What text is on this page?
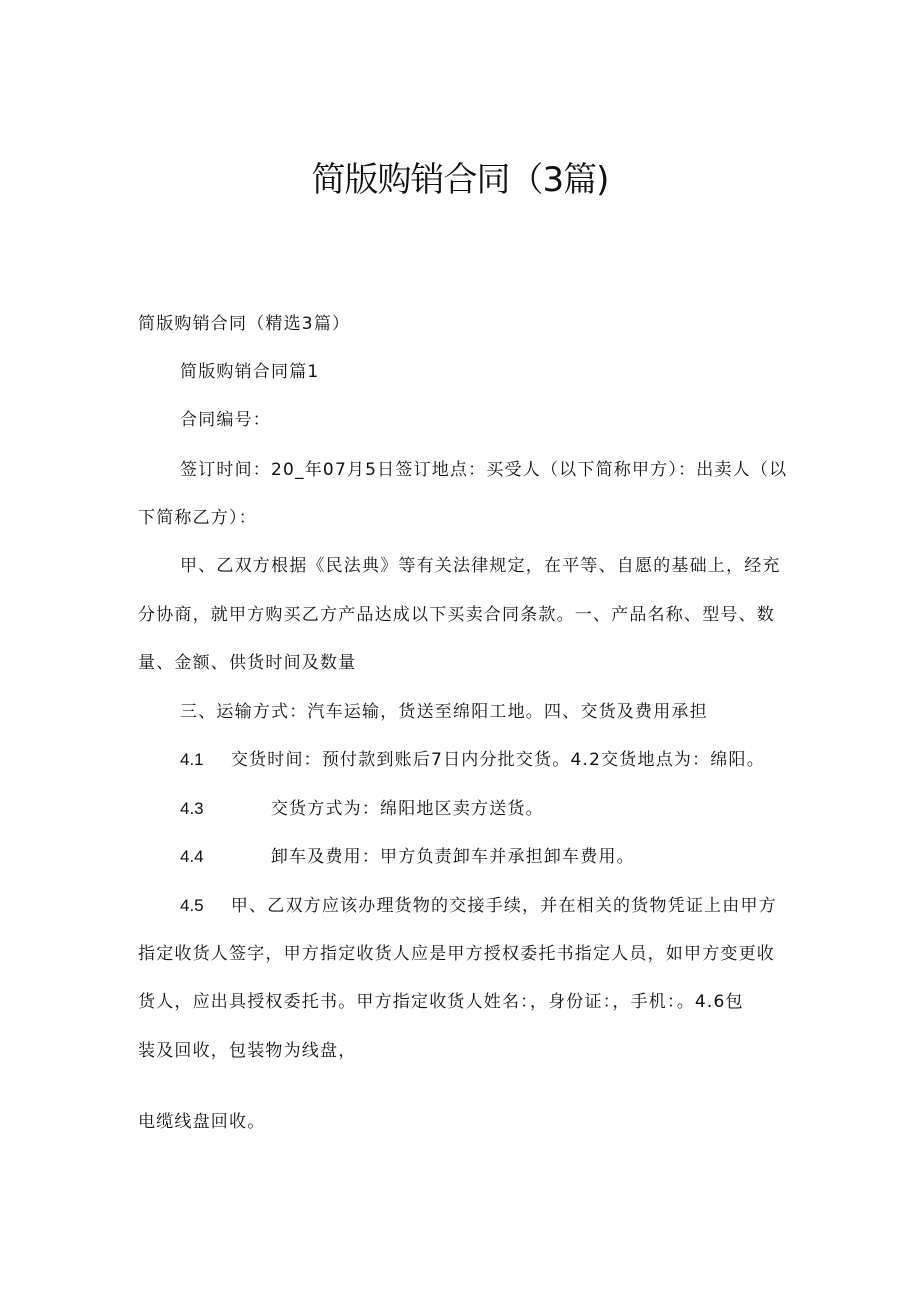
简版购销合同（3篇)

简版购销合同（精选3篇）

简版购销合同篇1

合同编号：

签订时间：20_年07月5日签订地点：买受人（以下简称甲方）：出卖人（以

下简称乙方）：

甲、乙双方根据《民法典》等有关法律规定，在平等、自愿的基础上，经充

分协商，就甲方购买乙方产品达成以下买卖合同条款。一、产品名称、型号、数

量、金额、供货时间及数量

三、运输方式：汽车运输，货送至绵阳工地。四、交货及费用承担

4.1 交货时间：预付款到账后7日内分批交货。4.2交货地点为：绵阳。

4.3	交货方式为：绵阳地区卖方送货。

4.4	卸车及费用：甲方负责卸车并承担卸车费用。

4.5 甲、乙双方应该办理货物的交接手续，并在相关的货物凭证上由甲方

指定收货人签字，甲方指定收货人应是甲方授权委托书指定人员，如甲方变更收

货人，应出具授权委托书。甲方指定收货人姓名：，身份证：，手机：。4.6包

装及回收，包装物为线盘，

电缆线盘回收。
